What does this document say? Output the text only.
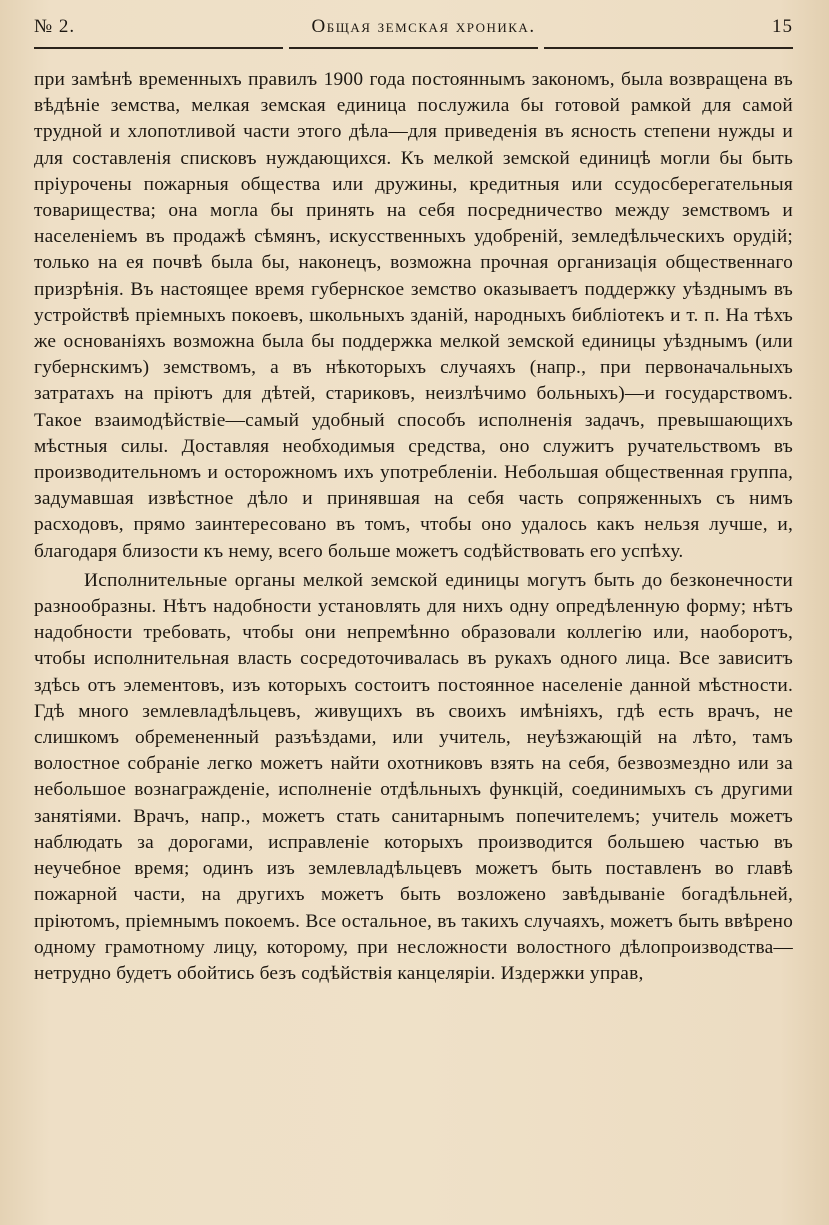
№ 2.	Общая земская хроника.	15

при замѣнѣ временныхъ правилъ 1900 года постояннымъ закономъ, была возвращена въ вѣдѣніе земства, мелкая земская единица послужила бы готовой рамкой для самой трудной и хлопотливой части этого дѣла—для приведенія въ ясность степени нужды и для составленія списковъ нуждающихся. Къ мелкой земской единицѣ могли бы быть пріурочены пожарныя общества или дружины, кредитныя или ссудосберегательныя товарищества; она могла бы принять на себя посредничество между земствомъ и населеніемъ въ продажѣ сѣмянъ, искусственныхъ удобреній, земледѣльческихъ орудій; только на ея почвѣ была бы, наконецъ, возможна прочная организація общественнаго призрѣнія. Въ настоящее время губернское земство оказываетъ поддержку уѣзднымъ въ устройствѣ пріемныхъ покоевъ, школьныхъ зданій, народныхъ библіотекъ и т. п. На тѣхъ же основаніяхъ возможна была бы поддержка мелкой земской единицы уѣзднымъ (или губернскимъ) земствомъ, а въ нѣкоторыхъ случаяхъ (напр., при первоначальныхъ затратахъ на пріютъ для дѣтей, стариковъ, неизлѣчимо больныхъ)—и государствомъ. Такое взаимодѣйствіе—самый удобный способъ исполненія задачъ, превышающихъ мѣстныя силы. Доставляя необходимыя средства, оно служитъ ручательствомъ въ производительномъ и осторожномъ ихъ употребленіи. Небольшая общественная группа, задумавшая извѣстное дѣло и принявшая на себя часть сопряженныхъ съ нимъ расходовъ, прямо заинтересовано въ томъ, чтобы оно удалось какъ нельзя лучше, и, благодаря близости къ нему, всего больше можетъ содѣйствовать его успѣху.

Исполнительные органы мелкой земской единицы могутъ быть до безконечности разнообразны. Нѣтъ надобности установлять для нихъ одну опредѣленную форму; нѣтъ надобности требовать, чтобы они непремѣнно образовали коллегію или, наоборотъ, чтобы исполнительная власть сосредоточивалась въ рукахъ одного лица. Все зависитъ здѣсь отъ элементовъ, изъ которыхъ состоитъ постоянное населеніе данной мѣстности. Гдѣ много землевладѣльцевъ, живущихъ въ своихъ имѣніяхъ, гдѣ есть врачъ, не слишкомъ обремененный разъѣздами, или учитель, неуѣзжающій на лѣто, тамъ волостное собраніе легко можетъ найти охотниковъ взять на себя, безвозмездно или за небольшое вознагражденіе, исполненіе отдѣльныхъ функцій, соединимыхъ съ другими занятіями. Врачъ, напр., можетъ стать санитарнымъ попечителемъ; учитель можетъ наблюдать за дорогами, исправленіе которыхъ производится большею частью въ неучебное время; одинъ изъ землевладѣльцевъ можетъ быть поставленъ во главѣ пожарной части, на другихъ можетъ быть возложено завѣдываніе богадѣльней, пріютомъ, пріемнымъ покоемъ. Все остальное, въ такихъ случаяхъ, можетъ быть ввѣрено одному грамотному лицу, которому, при несложности волостного дѣлопроизводства—нетрудно будетъ обойтись безъ содѣйствія канцеляріи. Издержки управ,
